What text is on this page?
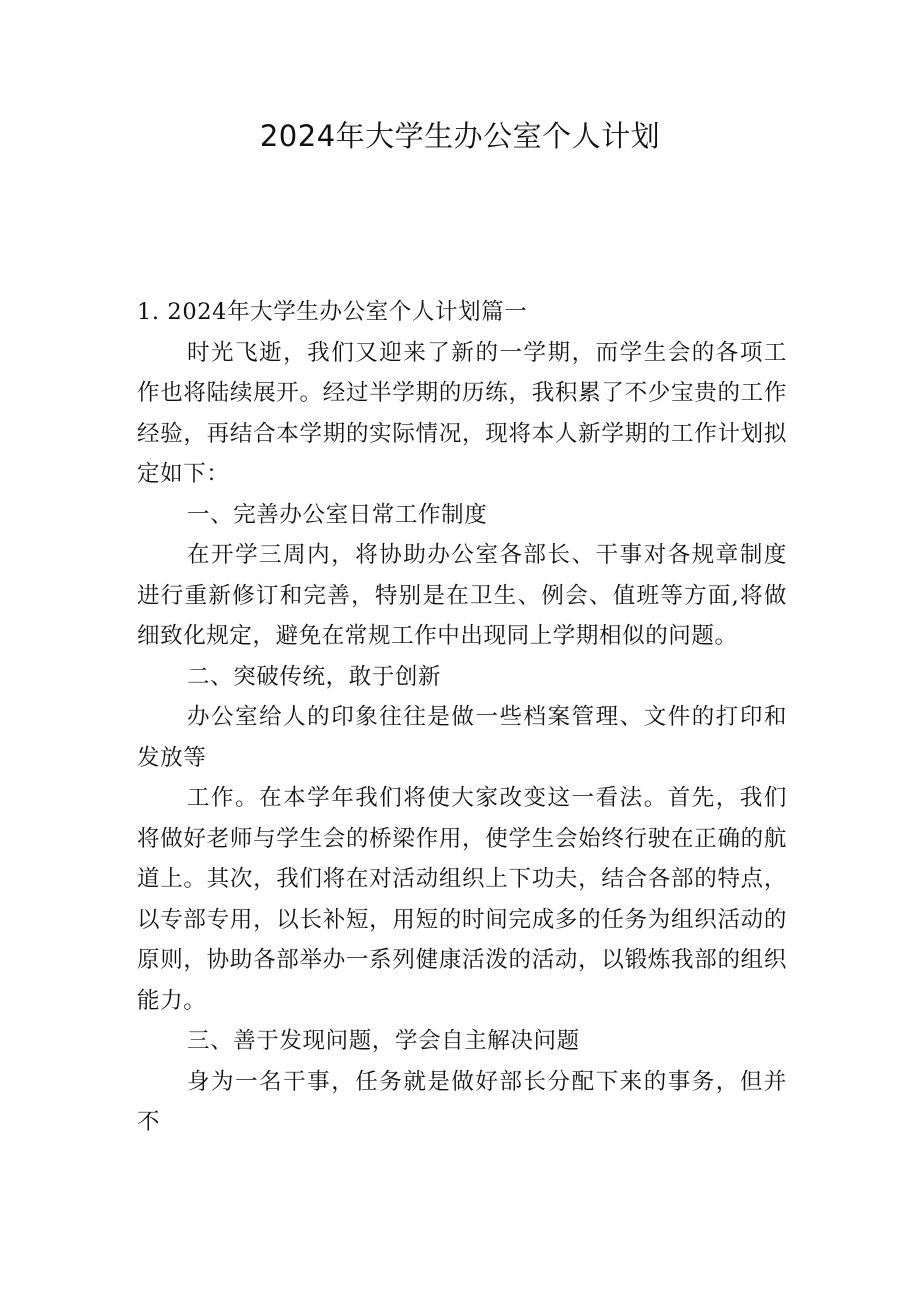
2024年大学生办公室个人计划

1. 2024年大学生办公室个人计划篇一

时光飞逝，我们又迎来了新的一学期，而学生会的各项工作也将陆续展开。经过半学期的历练，我积累了不少宝贵的工作经验，再结合本学期的实际情况，现将本人新学期的工作计划拟定如下：

一、完善办公室日常工作制度

在开学三周内，将协助办公室各部长、干事对各规章制度进行重新修订和完善，特别是在卫生、例会、值班等方面,将做细致化规定，避免在常规工作中出现同上学期相似的问题。

二、突破传统，敢于创新

办公室给人的印象往往是做一些档案管理、文件的打印和发放等

工作。在本学年我们将使大家改变这一看法。首先，我们将做好老师与学生会的桥梁作用，使学生会始终行驶在正确的航道上。其次，我们将在对活动组织上下功夫，结合各部的特点，以专部专用，以长补短，用短的时间完成多的任务为组织活动的原则，协助各部举办一系列健康活泼的活动，以锻炼我部的组织能力。

三、善于发现问题，学会自主解决问题

身为一名干事，任务就是做好部长分配下来的事务，但并不
